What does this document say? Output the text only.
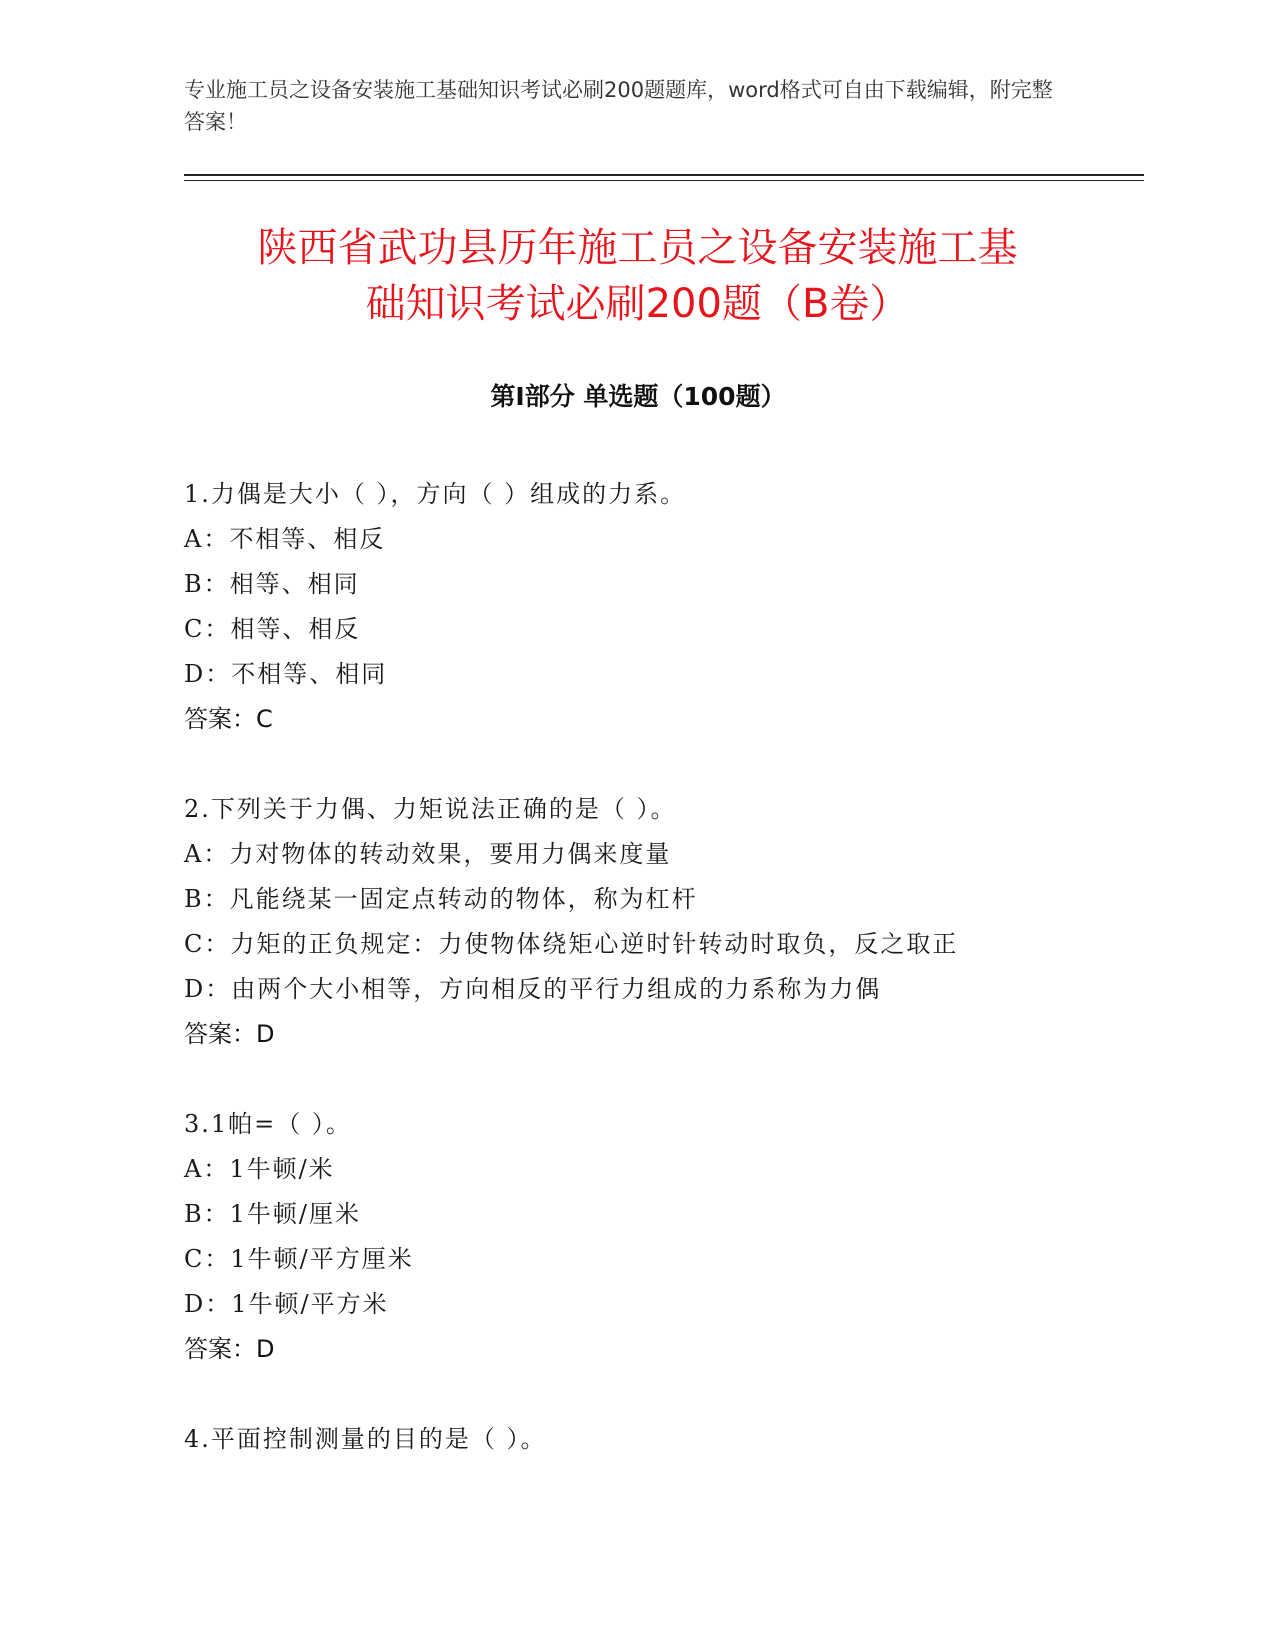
专业施工员之设备安装施工基础知识考试必刷200题题库，word格式可自由下载编辑，附完整答案！
陕西省武功县历年施工员之设备安装施工基
础知识考试必刷200题（B卷）
第I部分 单选题（100题）
1.力偶是大小（ ），方向（ ）组成的力系。
A：不相等、相反
B：相等、相同
C：相等、相反
D：不相等、相同
答案：C
2.下列关于力偶、力矩说法正确的是（ ）。
A：力对物体的转动效果，要用力偶来度量
B：凡能绕某一固定点转动的物体，称为杠杆
C：力矩的正负规定：力使物体绕矩心逆时针转动时取负，反之取正
D：由两个大小相等，方向相反的平行力组成的力系称为力偶
答案：D
3.1帕=（ ）。
A：1牛顿/米
B：1牛顿/厘米
C：1牛顿/平方厘米
D：1牛顿/平方米
答案：D
4.平面控制测量的目的是（ ）。
